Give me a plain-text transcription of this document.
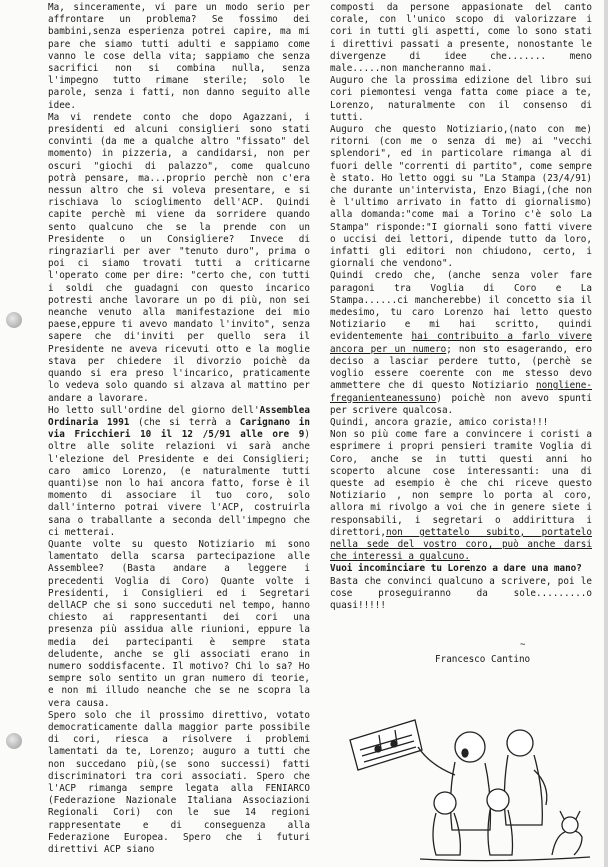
Ma, sinceramente, vi pare un modo serio per affrontare un problema? Se fossimo dei bambini,senza esperienza potrei capire, ma mi pare che siamo tutti adulti e sappiamo come vanno le cose della vita; sappiamo che senza sacrifici non si combina nulla, senza l'impegno tutto rimane sterile; solo le parole, senza i fatti, non danno seguito alle idee.

Ma vi rendete conto che dopo Agazzani, i presidenti ed alcuni consiglieri sono stati convinti (da me a qualche altro "fissato" del momento) in pizzeria, a candidarsi, non per oscuri "giochi di palazzo", come qualcuno potrà pensare, ma...proprio perchè non c'era nessun altro che si voleva presentare, e si rischiava lo scioglimento dell'ACP. Quindi capite perchè mi viene da sorridere quando sento qualcuno che se la prende con un Presidente o un Consigliere? Invece di ringraziarli per aver "tenuto duro", prima o poi ci siamo trovati tutti a criticarne l'operato come per dire: "certo che, con tutti i soldi che guadagni con questo incarico potresti anche lavorare un po di più, non sei neanche venuto alla manifestazione dei mio paese,eppure ti avevo mandato l'invito", senza sapere che di'inviti per quello sera il Presidente ne aveva ricevuti otto e la moglie stava per chiedere il divorzio poichè da quando si era preso l'incarico, praticamente lo vedeva solo quando si alzava al mattino per andare a lavorare.

Ho letto sull'ordine del giorno dell'Assemblea Ordinaria 1991 (che si terrà a Carignano in via Fricchieri 10 il 12 /5/91 alle ore 9) oltre alle solite relazioni vi sarà anche l'elezione del Presidente e dei Consiglieri; caro amico Lorenzo, (e naturalmente tutti quanti)se non lo hai ancora fatto, forse è il momento di associare il tuo coro, solo dall'interno potrai vivere l'ACP, costruirla sana o traballante a seconda dell'impegno che ci metterai.

Quante volte su questo Notiziario mi sono lamentato della scarsa partecipazione alle Assemblee? (Basta andare a leggere i precedenti Voglia di Coro) Quante volte i Presidenti, i Consiglieri ed i Segretari dellACP che si sono succeduti nel tempo, hanno chiesto ai rappresentanti dei cori una presenza più assidua alle riunioni, eppure la media dei partecipanti è sempre stata deludente, anche se gli associati erano in numero soddisfacente. Il motivo? Chi lo sa? Ho sempre solo sentito un gran numero di teorie, e non mi illudo neanche che se ne scopra la vera causa.

Spero solo che il prossimo direttivo, votato democraticamente dalla maggior parte possibile di cori, riesca a risolvere i problemi lamentati da te, Lorenzo; auguro a tutti che non succedano più,(se sono successi) fatti discriminatori tra cori associati. Spero che l'ACP rimanga sempre legata alla FENIARCO (Federazione Nazionale Italiana Associazioni Regionali Cori) con le sue 14 regioni rappresentate e di conseguenza alla Federazione Europea. Spero che i futuri direttivi ACP siano

composti da persone appasionate del canto corale, con l'unico scopo di valorizzare i cori in tutti gli aspetti, come lo sono stati i direttivi passati a presente, nonostante le divergenze di idee che....... meno male.....non mancheranno mai.

Auguro che la prossima edizione del libro sui cori piemontesi venga fatta come piace a te, Lorenzo, naturalmente con il consenso di tutti.

Auguro che questo Notiziario,(nato con me) ritorni (con me o senza di me) ai "vecchi splendori", ed in particolare rimanga al di fuori delle "correnti di partito", come sempre è stato. Ho letto oggi su "La Stampa (23/4/91) che durante un'intervista, Enzo Biagi,(che non è l'ultimo arrivato in fatto di giornalismo) alla domanda:"come mai a Torino c'è solo La Stampa" risponde:"I giornali sono fatti vivere o uccisi dei lettori, dipende tutto da loro, infatti gli editori non chiudono, certo, i giornali che vendono".

Quindi credo che, (anche senza voler fare paragoni tra Voglia di Coro e La Stampa......ci mancherebbe) il concetto sia il medesimo, tu caro Lorenzo hai letto questo Notiziario e mi hai scritto, quindi evidentemente hai contribuito a farlo vivere ancora per un numero; non sto esagerando, ero deciso a lasciar perdere tutto, (perchè se voglio essere coerente con me stesso devo ammettere che di questo Notiziario nonglienefreganienteanessuno) poichè non avevo spunti per scrivere qualcosa.

Quindi, ancora grazie, amico corista!!!

Non so più come fare a convincere i coristi a esprimere i propri pensieri tramite Voglia di Coro, anche se in tutti questi anni ho scoperto alcune cose interessanti: una di queste ad esempio è che chi riceve questo Notiziario , non sempre lo porta al coro, allora mi rivolgo a voi che in genere siete i responsabili, i segretari o addirittura i direttori,non gettatelo subito, portatelo nella sede del vostro coro, può anche darsi che interessi a qualcuno.

Vuoi incominciare tu Lorenzo a dare una mano?

Basta che convinci qualcuno a scrivere, poi le cose proseguiranno da sole.........o quasi!!!!!

~
Francesco Cantino
